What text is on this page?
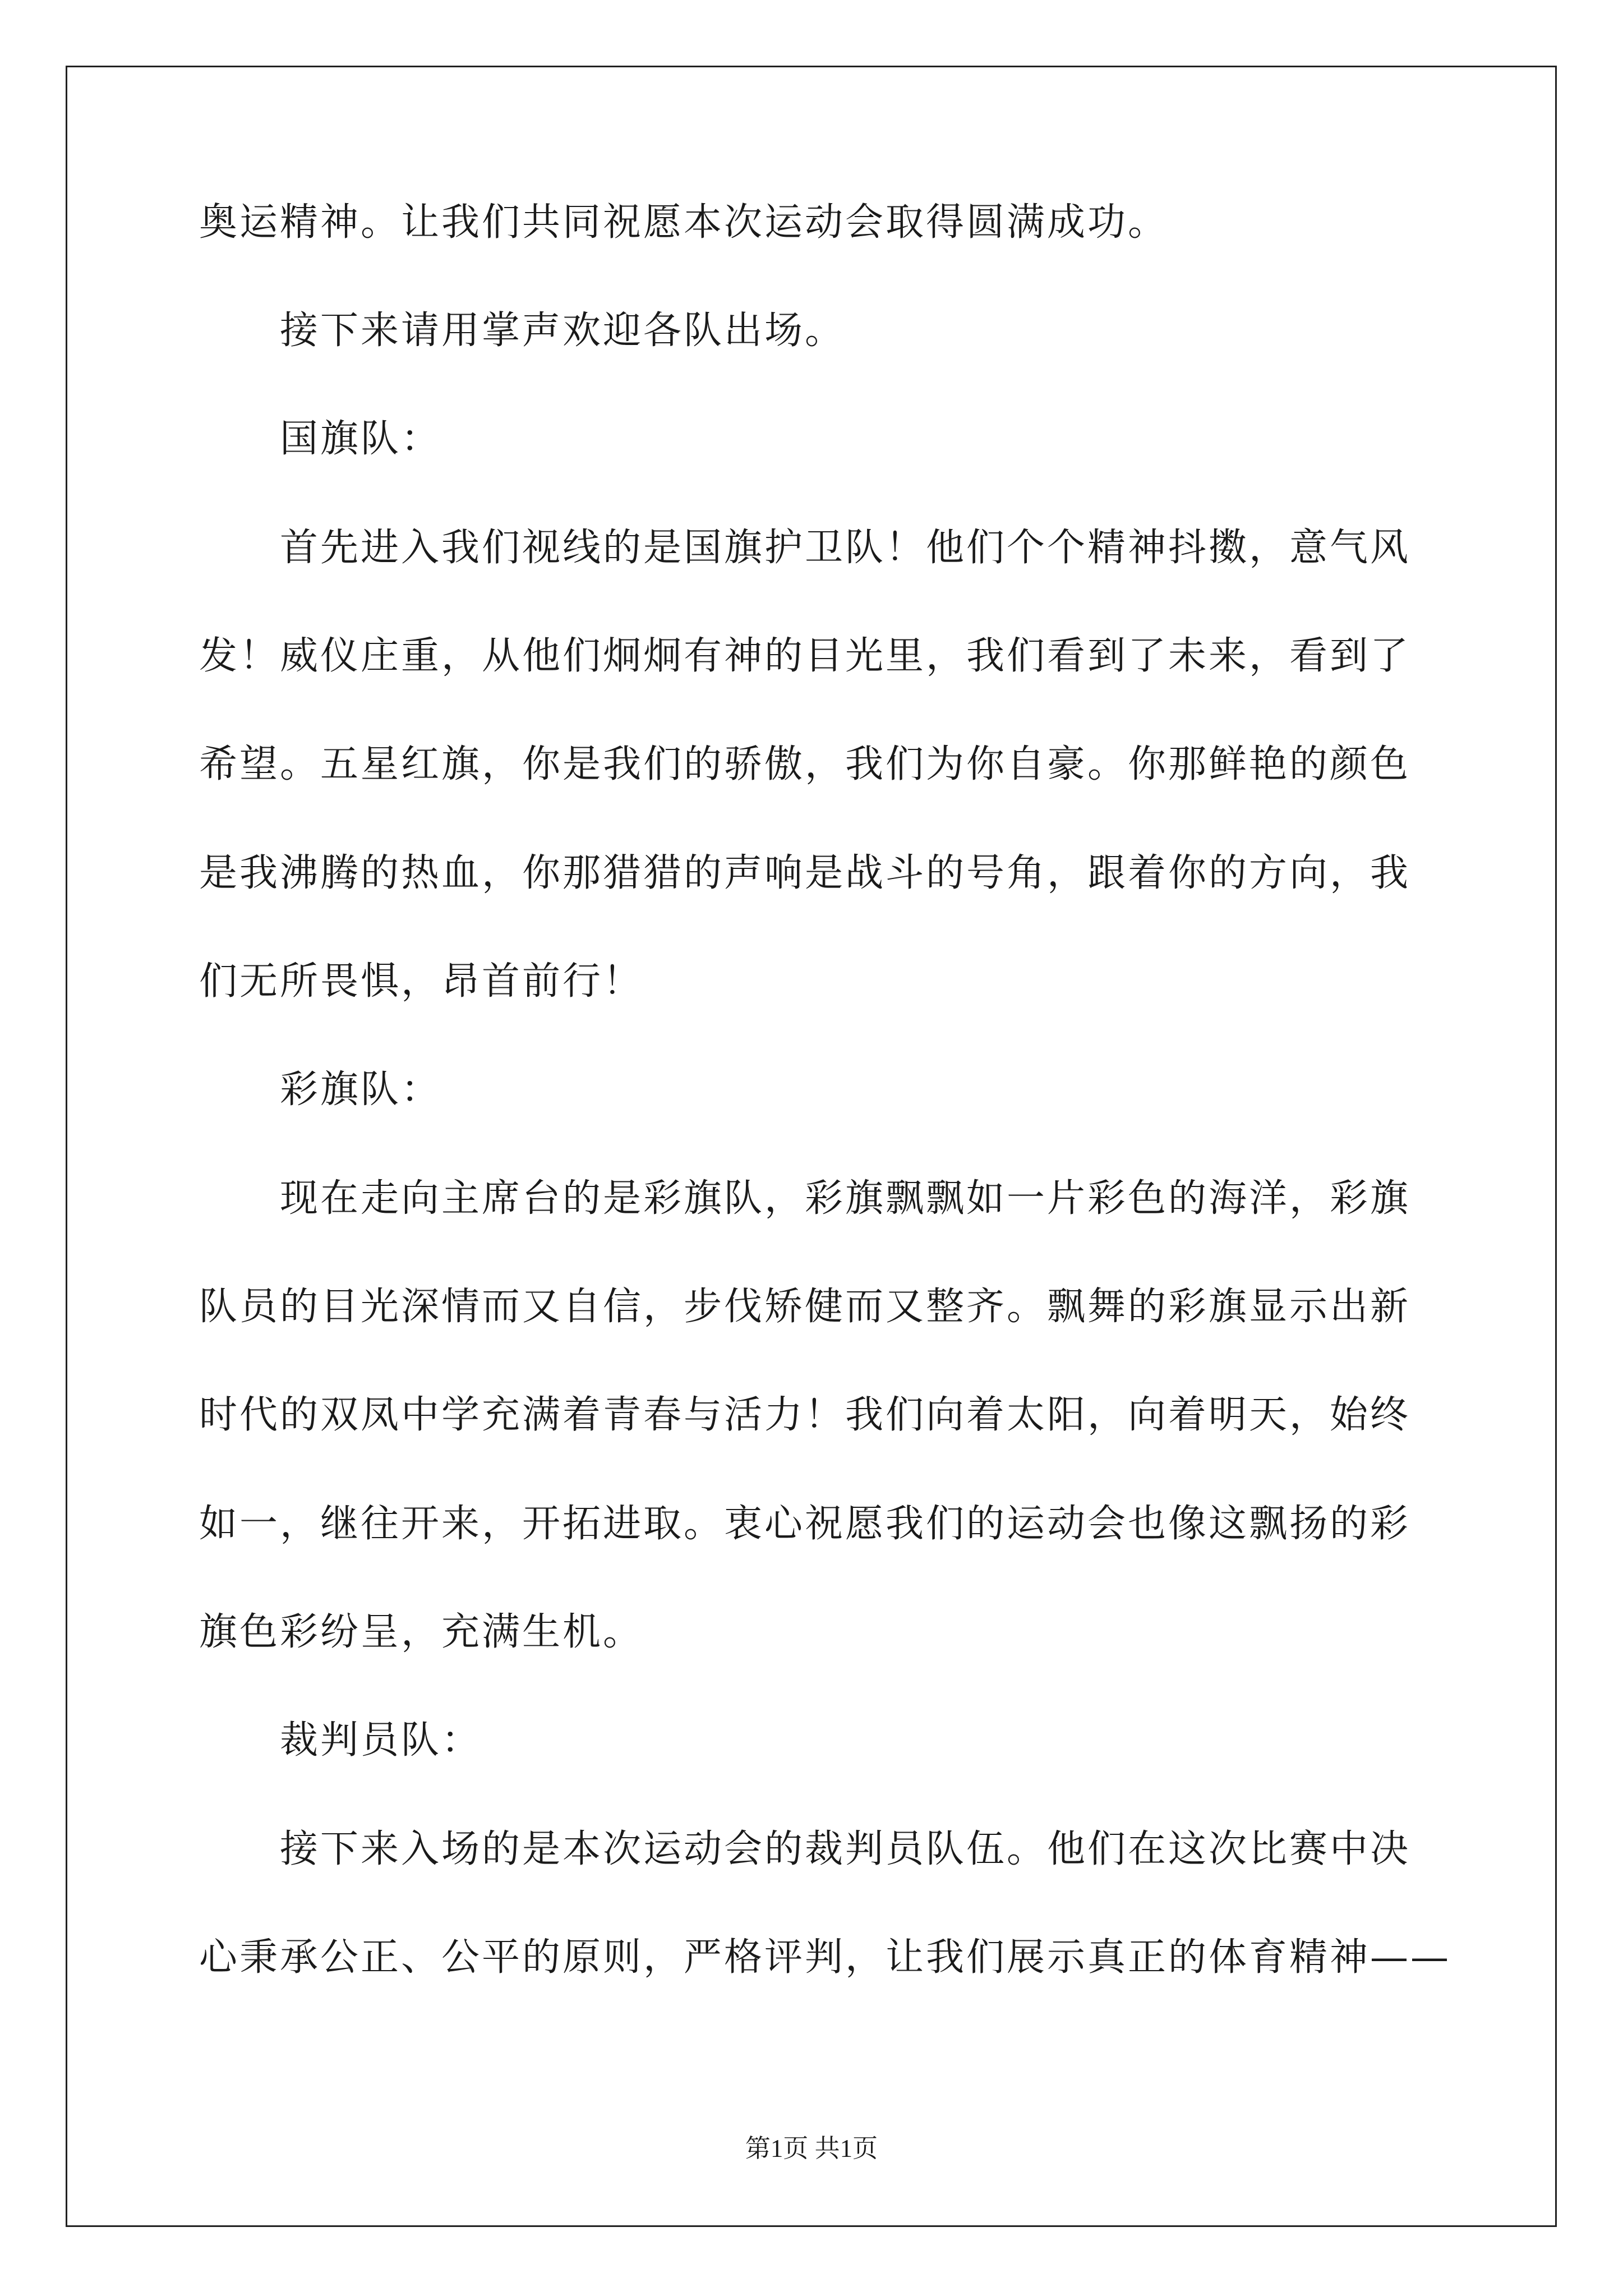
奥运精神。让我们共同祝愿本次运动会取得圆满成功。
接下来请用掌声欢迎各队出场。
国旗队：
首先进入我们视线的是国旗护卫队！他们个个精神抖擞，意气风
发！威仪庄重，从他们炯炯有神的目光里，我们看到了未来，看到了
希望。五星红旗，你是我们的骄傲，我们为你自豪。你那鲜艳的颜色
是我沸腾的热血，你那猎猎的声响是战斗的号角，跟着你的方向，我
们无所畏惧，昂首前行！
彩旗队：
现在走向主席台的是彩旗队，彩旗飘飘如一片彩色的海洋，彩旗
队员的目光深情而又自信，步伐矫健而又整齐。飘舞的彩旗显示出新
时代的双凤中学充满着青春与活力！我们向着太阳，向着明天，始终
如一，继往开来，开拓进取。衷心祝愿我们的运动会也像这飘扬的彩
旗色彩纷呈，充满生机。
裁判员队：
接下来入场的是本次运动会的裁判员队伍。他们在这次比赛中决
心秉承公正、公平的原则，严格评判，让我们展示真正的体育精神——
第1页 共1页
